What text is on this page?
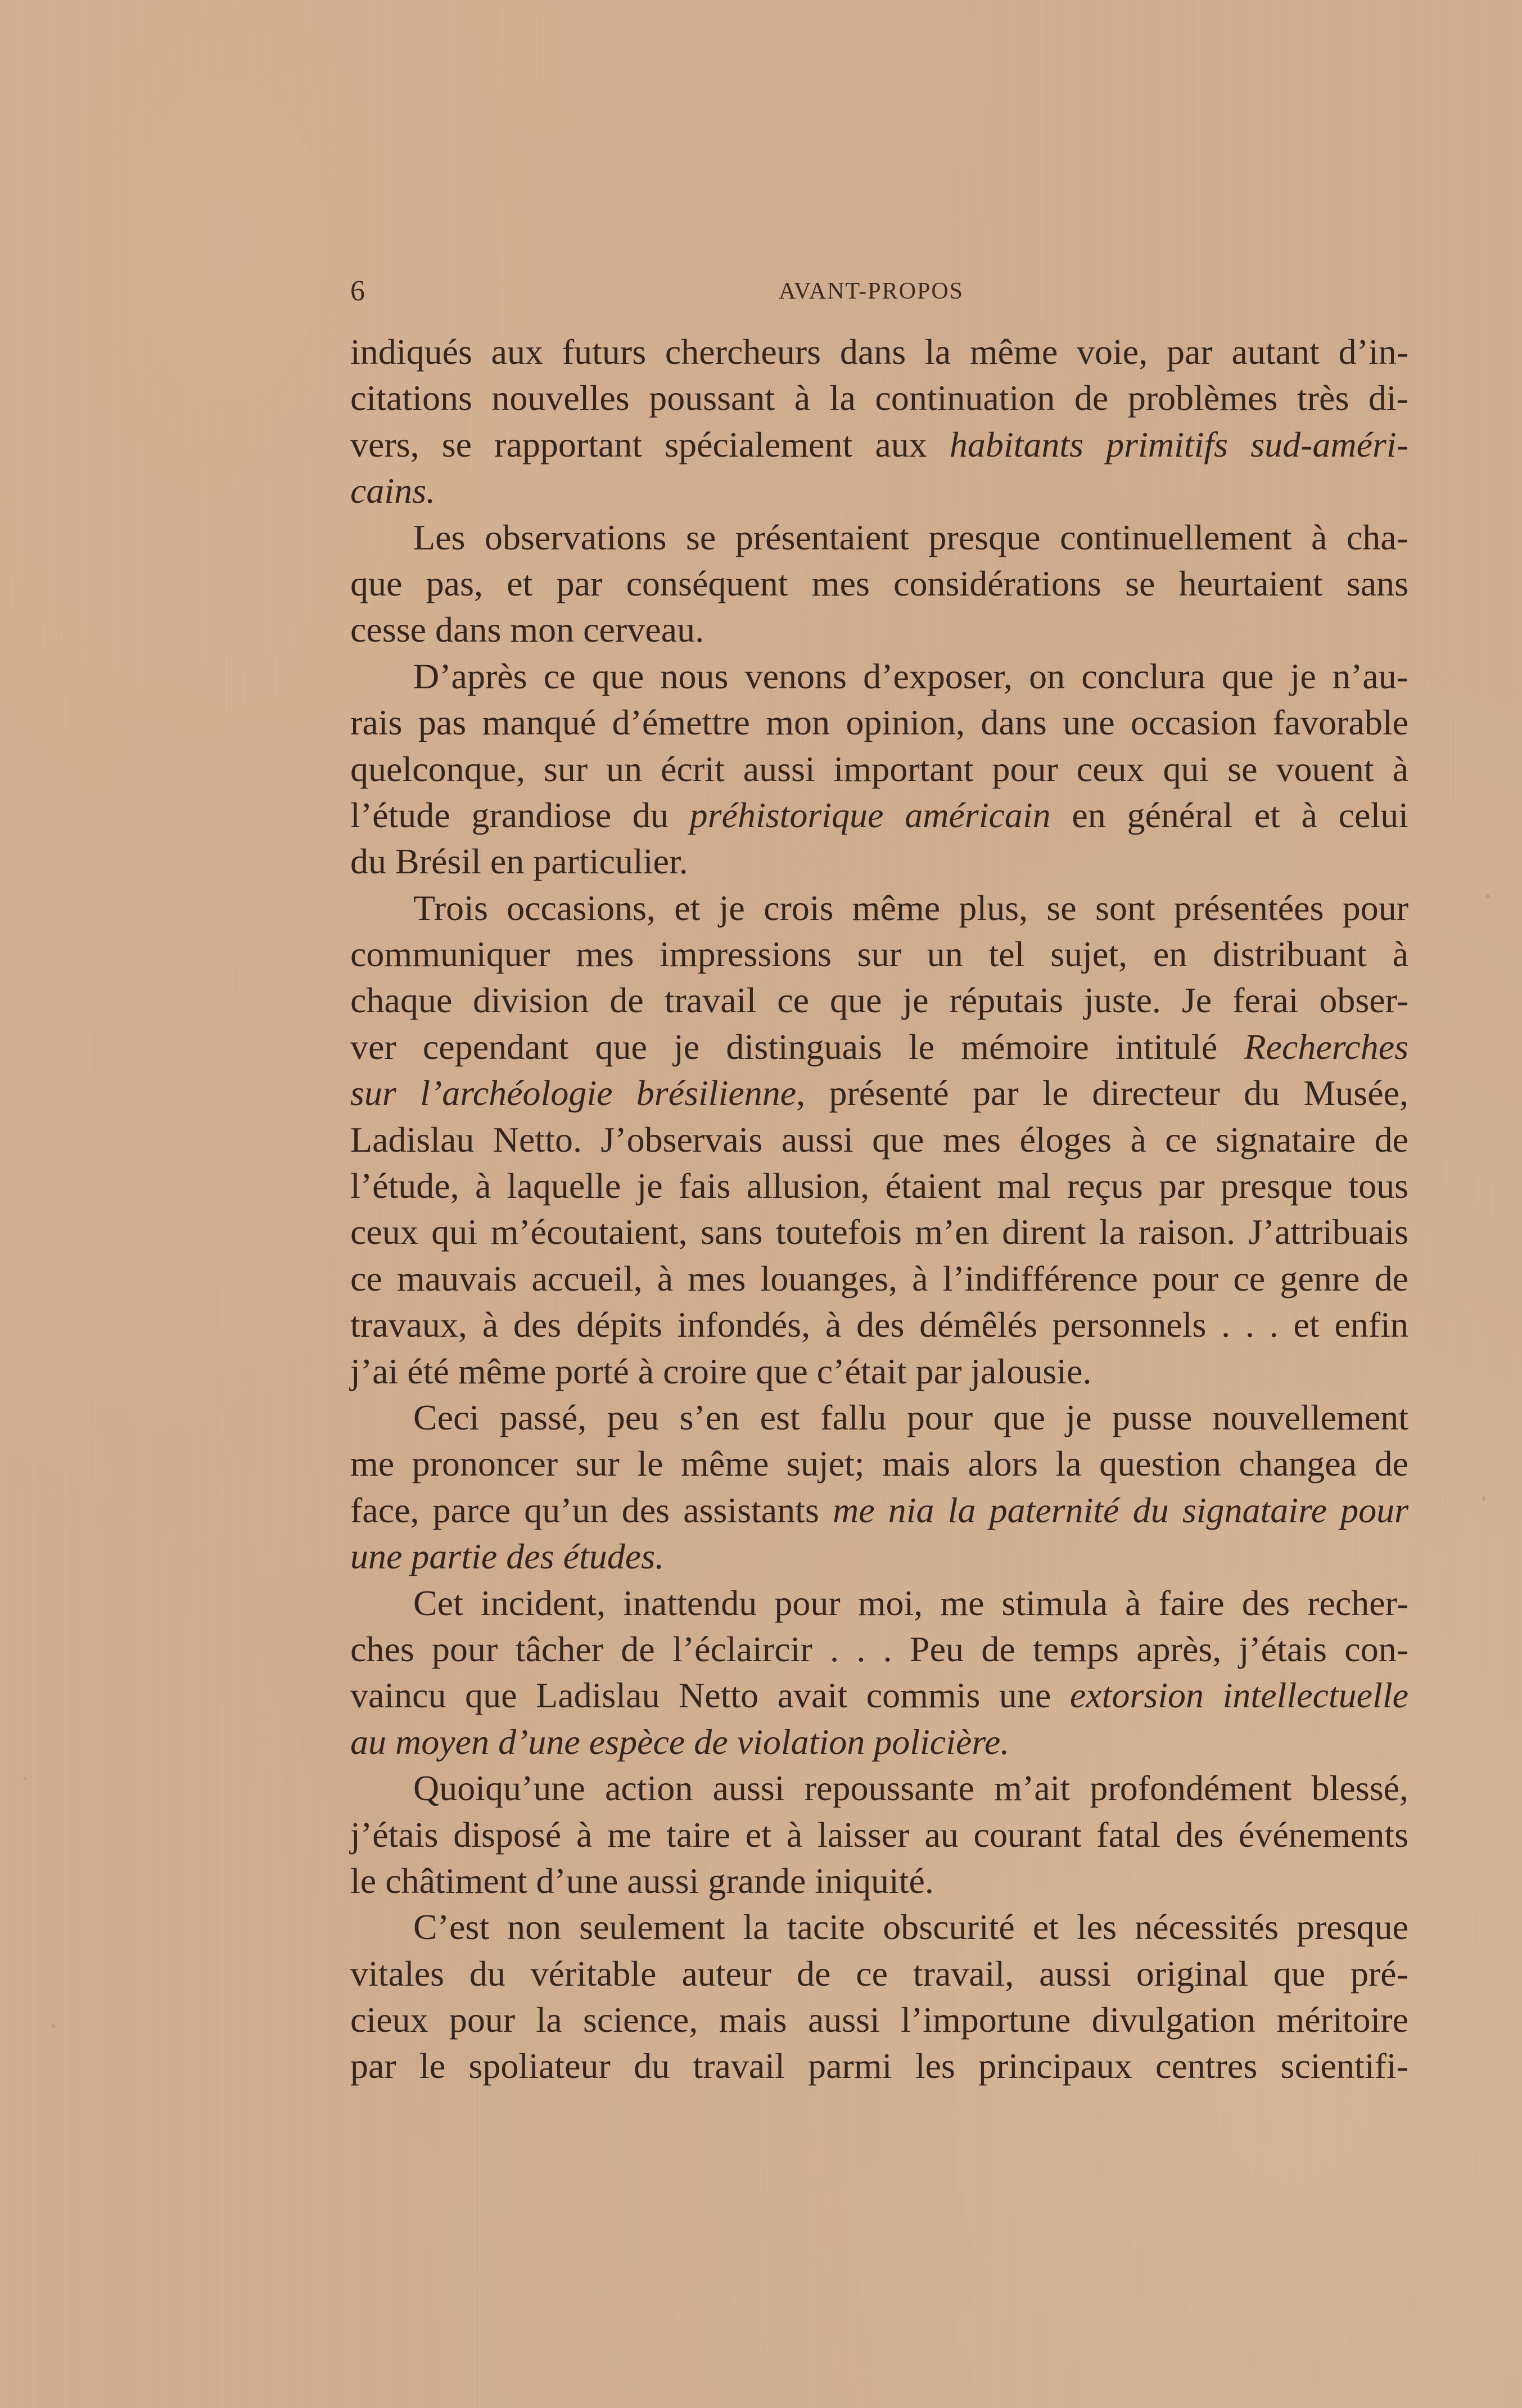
6	AVANT-PROPOS
indiqués aux futurs chercheurs dans la même voie, par autant d’in-
citations nouvelles poussant à la continuation de problèmes très di-
vers, se rapportant spécialement aux habitants primitifs sud-améri-
cains.
Les observations se présentaient presque continuellement à cha-
que pas, et par conséquent mes considérations se heurtaient sans
cesse dans mon cerveau.
D’après ce que nous venons d’exposer, on conclura que je n’au-
rais pas manqué d’émettre mon opinion, dans une occasion favorable
quelconque, sur un écrit aussi important pour ceux qui se vouent à
l’étude grandiose du préhistorique américain en général et à celui
du Brésil en particulier.
Trois occasions, et je crois même plus, se sont présentées pour
communiquer mes impressions sur un tel sujet, en distribuant à
chaque division de travail ce que je réputais juste. Je ferai obser-
ver cependant que je distinguais le mémoire intitulé Recherches
sur l’archéologie brésilienne, présenté par le directeur du Musée,
Ladislau Netto. J’observais aussi que mes éloges à ce signataire de
l’étude, à laquelle je fais allusion, étaient mal reçus par presque tous
ceux qui m’écoutaient, sans toutefois m’en dirent la raison. J’attribuais
ce mauvais accueil, à mes louanges, à l’indifférence pour ce genre de
travaux, à des dépits infondés, à des démêlés personnels . . . et enfin
j’ai été même porté à croire que c’était par jalousie.
Ceci passé, peu s’en est fallu pour que je pusse nouvellement
me prononcer sur le même sujet; mais alors la question changea de
face, parce qu’un des assistants me nia la paternité du signataire pour
une partie des études.
Cet incident, inattendu pour moi, me stimula à faire des recher-
ches pour tâcher de l’éclaircir . . . Peu de temps après, j’étais con-
vaincu que Ladislau Netto avait commis une extorsion intellectuelle
au moyen d’une espèce de violation policière.
Quoiqu’une action aussi repoussante m’ait profondément blessé,
j’étais disposé à me taire et à laisser au courant fatal des événements
le châtiment d’une aussi grande iniquité.
C’est non seulement la tacite obscurité et les nécessités presque
vitales du véritable auteur de ce travail, aussi original que pré-
cieux pour la science, mais aussi l’importune divulgation méritoire
par le spoliateur du travail parmi les principaux centres scientifi-
